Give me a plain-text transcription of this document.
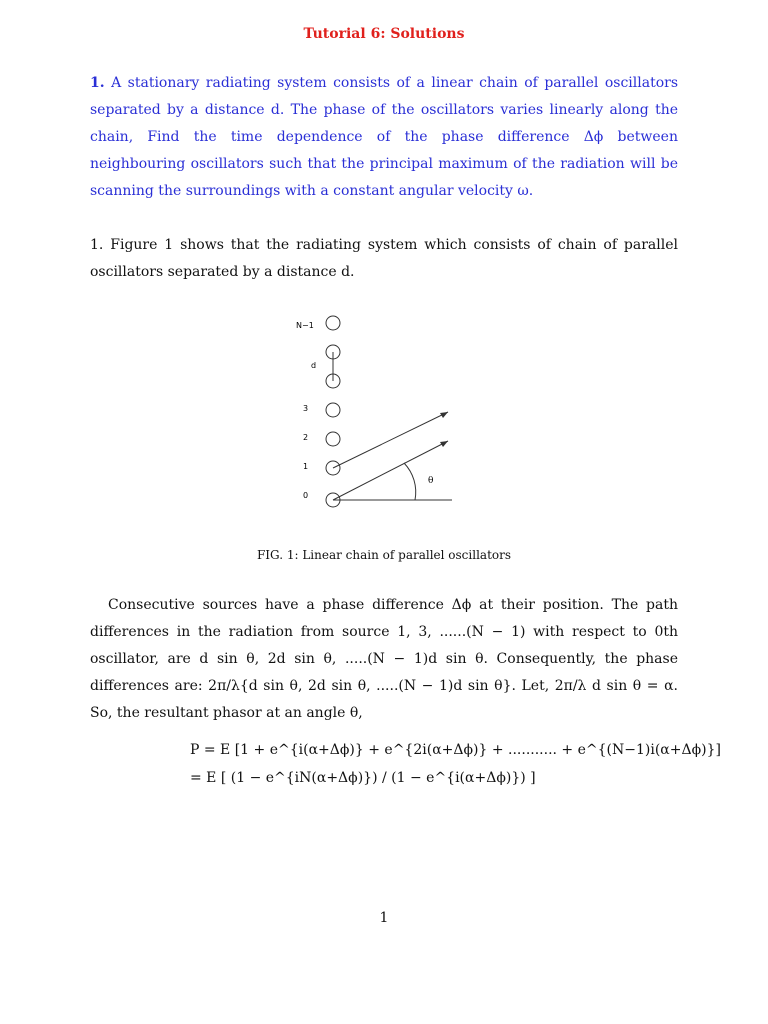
Tutorial 6: Solutions
1. A stationary radiating system consists of a linear chain of parallel oscillators separated by a distance d. The phase of the oscillators varies linearly along the chain, Find the time dependence of the phase difference Δϕ between neighbouring oscillators such that the principal maximum of the radiation will be scanning the surroundings with a constant angular velocity ω.
1. Figure 1 shows that the radiating system which consists of chain of parallel oscillators separated by a distance d.
N−1
d
3
2
1
0
θ
FIG. 1: Linear chain of parallel oscillators
Consecutive sources have a phase difference Δϕ at their position. The path differences in the radiation from source 1, 3, ......(N − 1) with respect to 0th oscillator, are d sin θ, 2d sin θ, .....(N − 1)d sin θ. Consequently, the phase differences are: 2π/λ{d sin θ, 2d sin θ, .....(N − 1)d sin θ}. Let, 2π/λ d sin θ = α. So, the resultant phasor at an angle θ,
P = E [1 + e^{i(α+Δϕ)} + e^{2i(α+Δϕ)} + ........... + e^{(N−1)i(α+Δϕ)}]
= E [ (1 − e^{iN(α+Δϕ)}) / (1 − e^{i(α+Δϕ)}) ]
1
